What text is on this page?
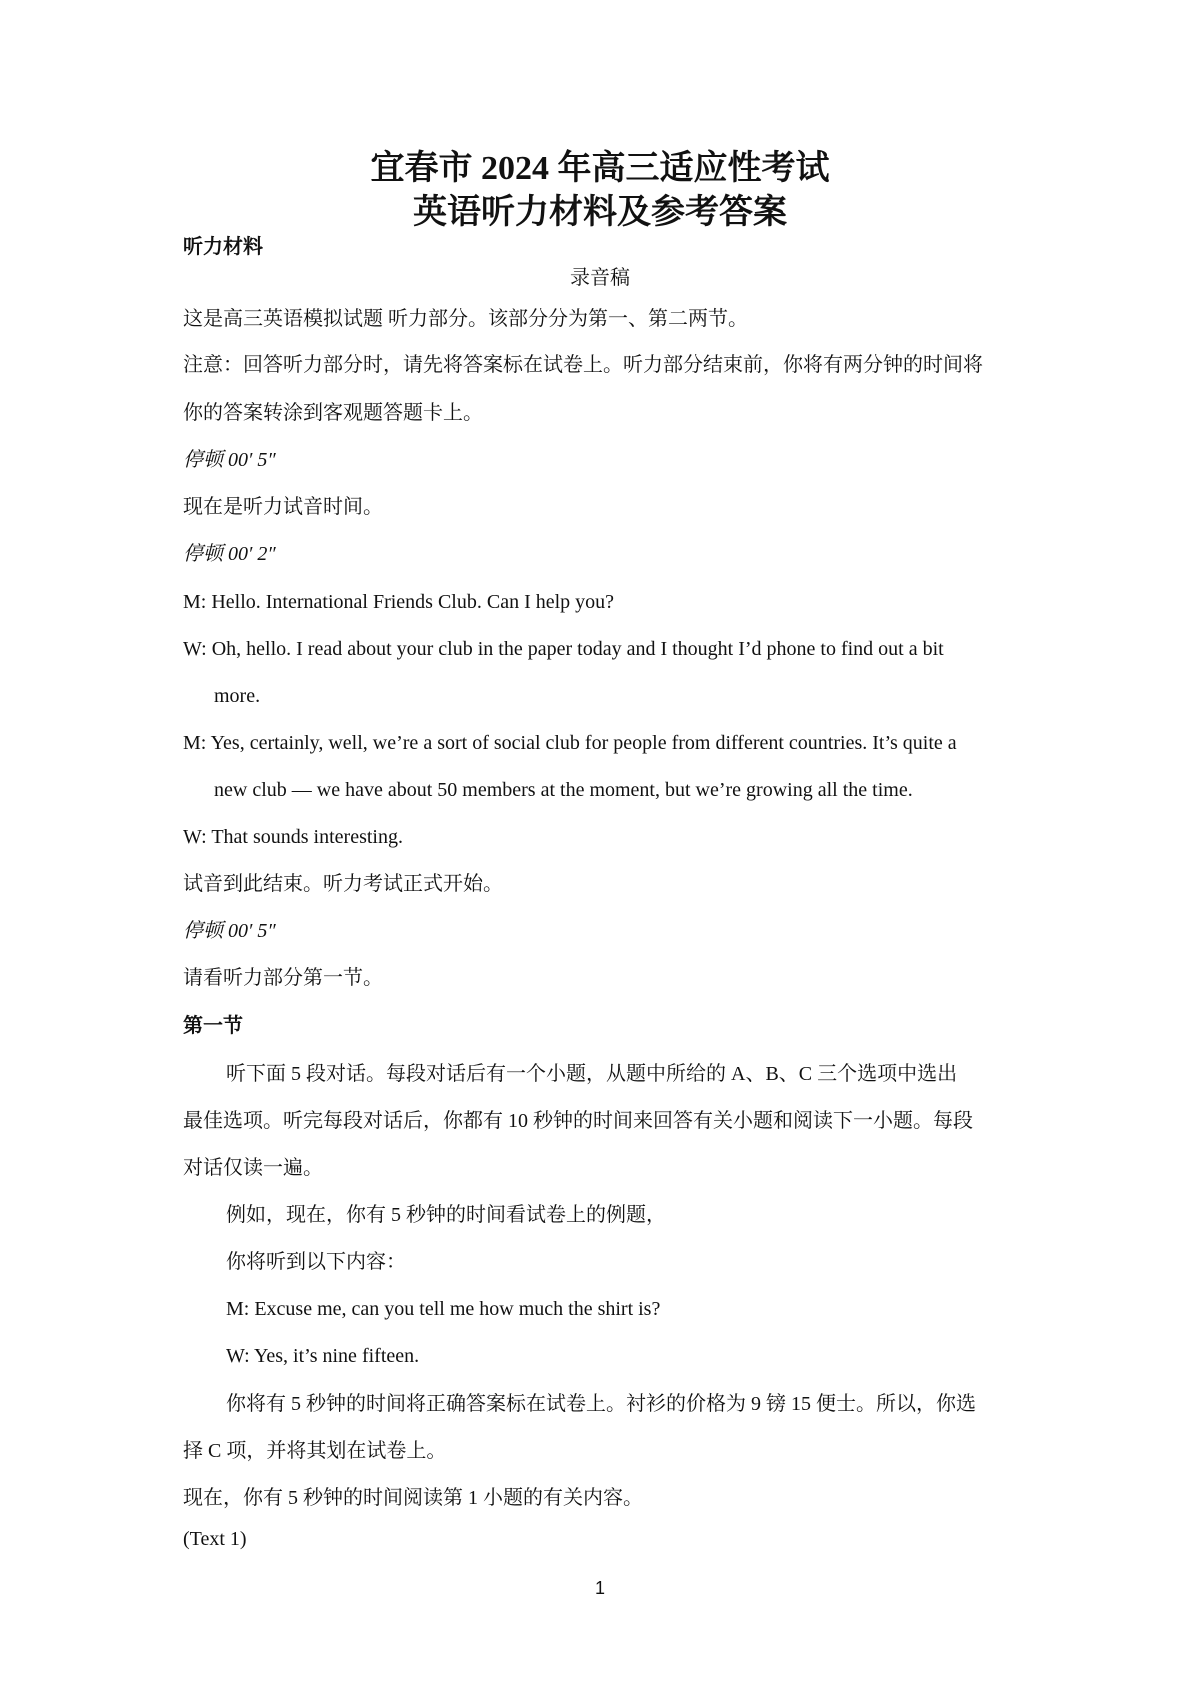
宜春市 2024 年高三适应性考试
英语听力材料及参考答案

听力材料

录音稿

这是高三英语模拟试题 听力部分。该部分分为第一、第二两节。

注意：回答听力部分时，请先将答案标在试卷上。听力部分结束前，你将有两分钟的时间将

你的答案转涂到客观题答题卡上。

停顿 00′ 5″

现在是听力试音时间。

停顿 00′ 2″

M: Hello. International Friends Club. Can I help you?

W: Oh, hello. I read about your club in the paper today and I thought I’d phone to find out a bit

more.

M: Yes, certainly, well, we’re a sort of social club for people from different countries. It’s quite a

new club — we have about 50 members at the moment, but we’re growing all the time.

W: That sounds interesting.

试音到此结束。听力考试正式开始。

停顿 00′ 5″

请看听力部分第一节。

第一节

听下面 5 段对话。每段对话后有一个小题，从题中所给的 A、B、C 三个选项中选出

最佳选项。听完每段对话后，你都有 10 秒钟的时间来回答有关小题和阅读下一小题。每段

对话仅读一遍。

例如，现在，你有 5 秒钟的时间看试卷上的例题，

你将听到以下内容：

M: Excuse me, can you tell me how much the shirt is?

W: Yes, it’s nine fifteen.

你将有 5 秒钟的时间将正确答案标在试卷上。衬衫的价格为 9 镑 15 便士。所以，你选

择 C 项，并将其划在试卷上。

现在，你有 5 秒钟的时间阅读第 1 小题的有关内容。

(Text 1)

1
